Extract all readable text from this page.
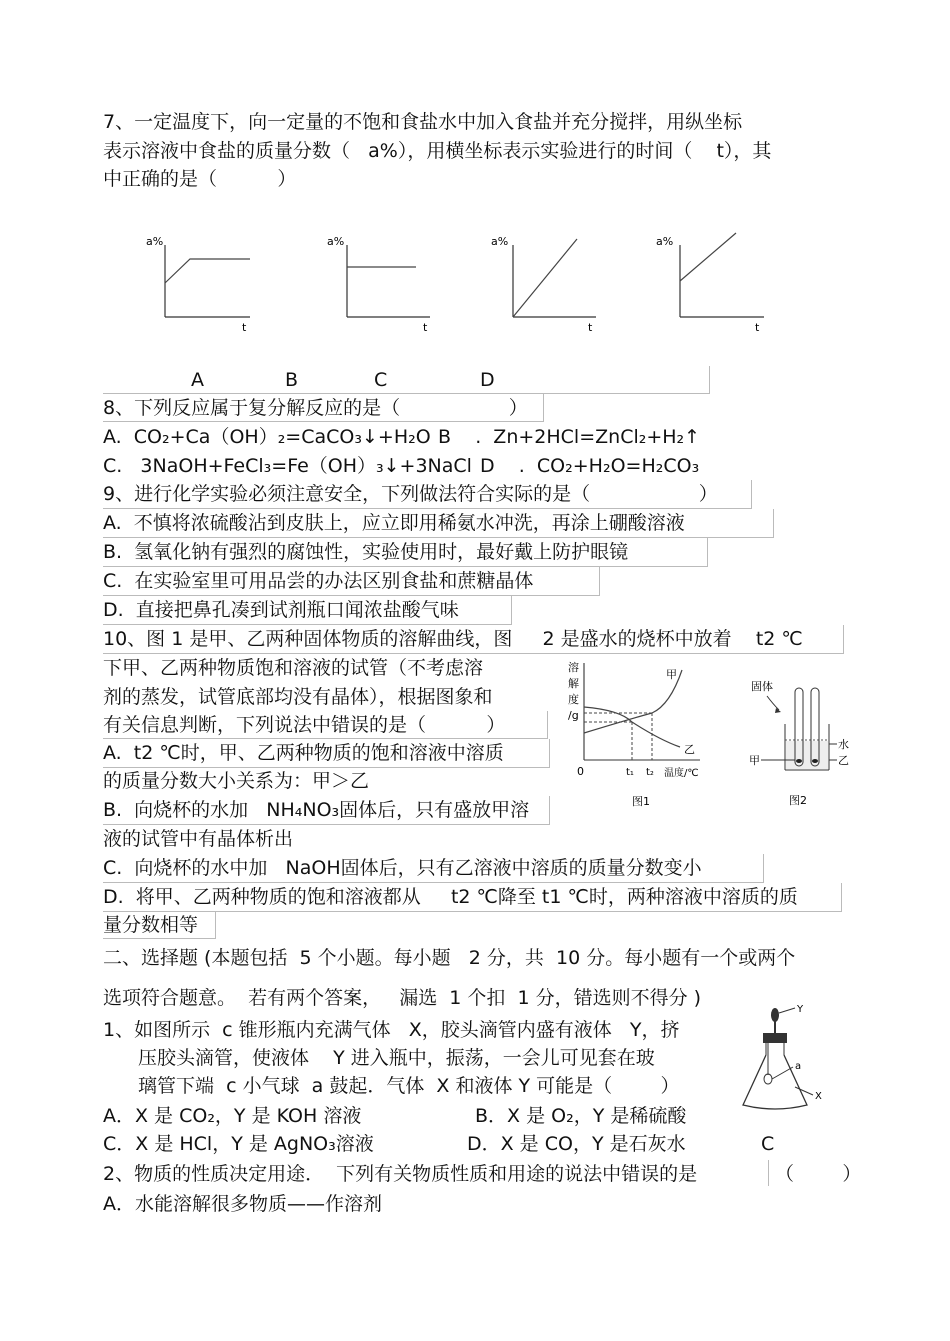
7、一定温度下，向一定量的不饱和食盐水中加入食盐并充分搅拌，用纵坐标
表示溶液中食盐的质量分数（   a%），用横坐标表示实验进行的时间（    t），其
中正确的是（          ）
a%
t
a%
t
a%
t
a%
t
A	B	C	D
8、下列反应属于复分解反应的是（                  ）
A.  CO₂+Ca（OH）₂=CaCO₃↓+H₂O B    .  Zn+2HCl=ZnCl₂+H₂↑
C.   3NaOH+FeCl₃=Fe（OH）₃↓+3NaCl D    .  CO₂+H₂O=H₂CO₃
9、进行化学实验必须注意安全，下列做法符合实际的是（                  ）
A.  不慎将浓硫酸沾到皮肤上，应立即用稀氨水冲洗，再涂上硼酸溶液
B.  氢氧化钠有强烈的腐蚀性，实验使用时，最好戴上防护眼镜
C.  在实验室里可用品尝的办法区别食盐和蔗糖晶体
D.  直接把鼻孔凑到试剂瓶口闻浓盐酸气味
10、图 1 是甲、乙两种固体物质的溶解曲线，图     2 是盛水的烧杯中放着    t2 ℃
下甲、乙两种物质饱和溶液的试管（不考虑溶
剂的蒸发，试管底部均没有晶体），根据图象和
有关信息判断，下列说法中错误的是（          ）
A.  t2 ℃时，甲、乙两种物质的饱和溶液中溶质
的质量分数大小关系为：甲＞乙
B.  向烧杯的水加   NH₄NO₃固体后，只有盛放甲溶
液的试管中有晶体析出
C.  向烧杯的水中加   NaOH固体后，只有乙溶液中溶质的质量分数变小
D.  将甲、乙两种物质的饱和溶液都从     t2 ℃降至 t1 ℃时，两种溶液中溶质的质
量分数相等
溶
解
度
/g
0	t₁ t₂ 温度/℃
甲
乙
图1
固体
水
乙
甲
图2
二、选择题 (本题包括  5 个小题。每小题   2 分，共  10 分。每小题有一个或两个
选项符合题意。  若有两个答案，   漏选  1 个扣  1 分，错选则不得分 )
1、如图所示  c 锥形瓶内充满气体   X，胶头滴管内盛有液体   Y，挤
压胶头滴管，使液体    Y 进入瓶中，振荡，一会儿可见套在玻
璃管下端  c 小气球  a 鼓起．气体  X 和液体 Y 可能是（        ）
A．X 是 CO₂，Y 是 KOH 溶液	B．X 是 O₂，Y 是稀硫酸
C．X 是 HCl，Y 是 AgNO₃溶液	D．X 是 CO，Y 是石灰水	C
Y
a
X
2、物质的性质决定用途．  下列有关物质性质和用途的说法中错误的是	（        ）
A．水能溶解很多物质——作溶剂
